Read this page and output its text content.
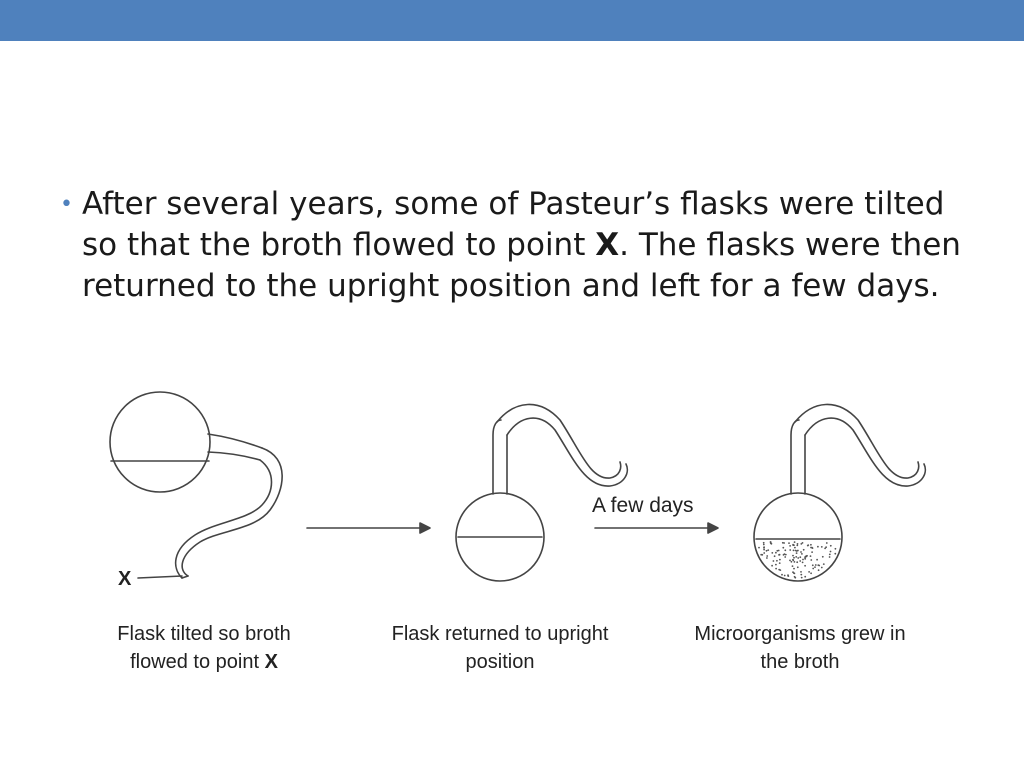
• After several years, some of Pasteur’s flasks were tilted so that the broth flowed to point X. The flasks were then returned to the upright position and left for a few days.
X
A few days
Flask tilted so broth flowed to point X
Flask returned to upright position
Microorganisms grew in the broth
